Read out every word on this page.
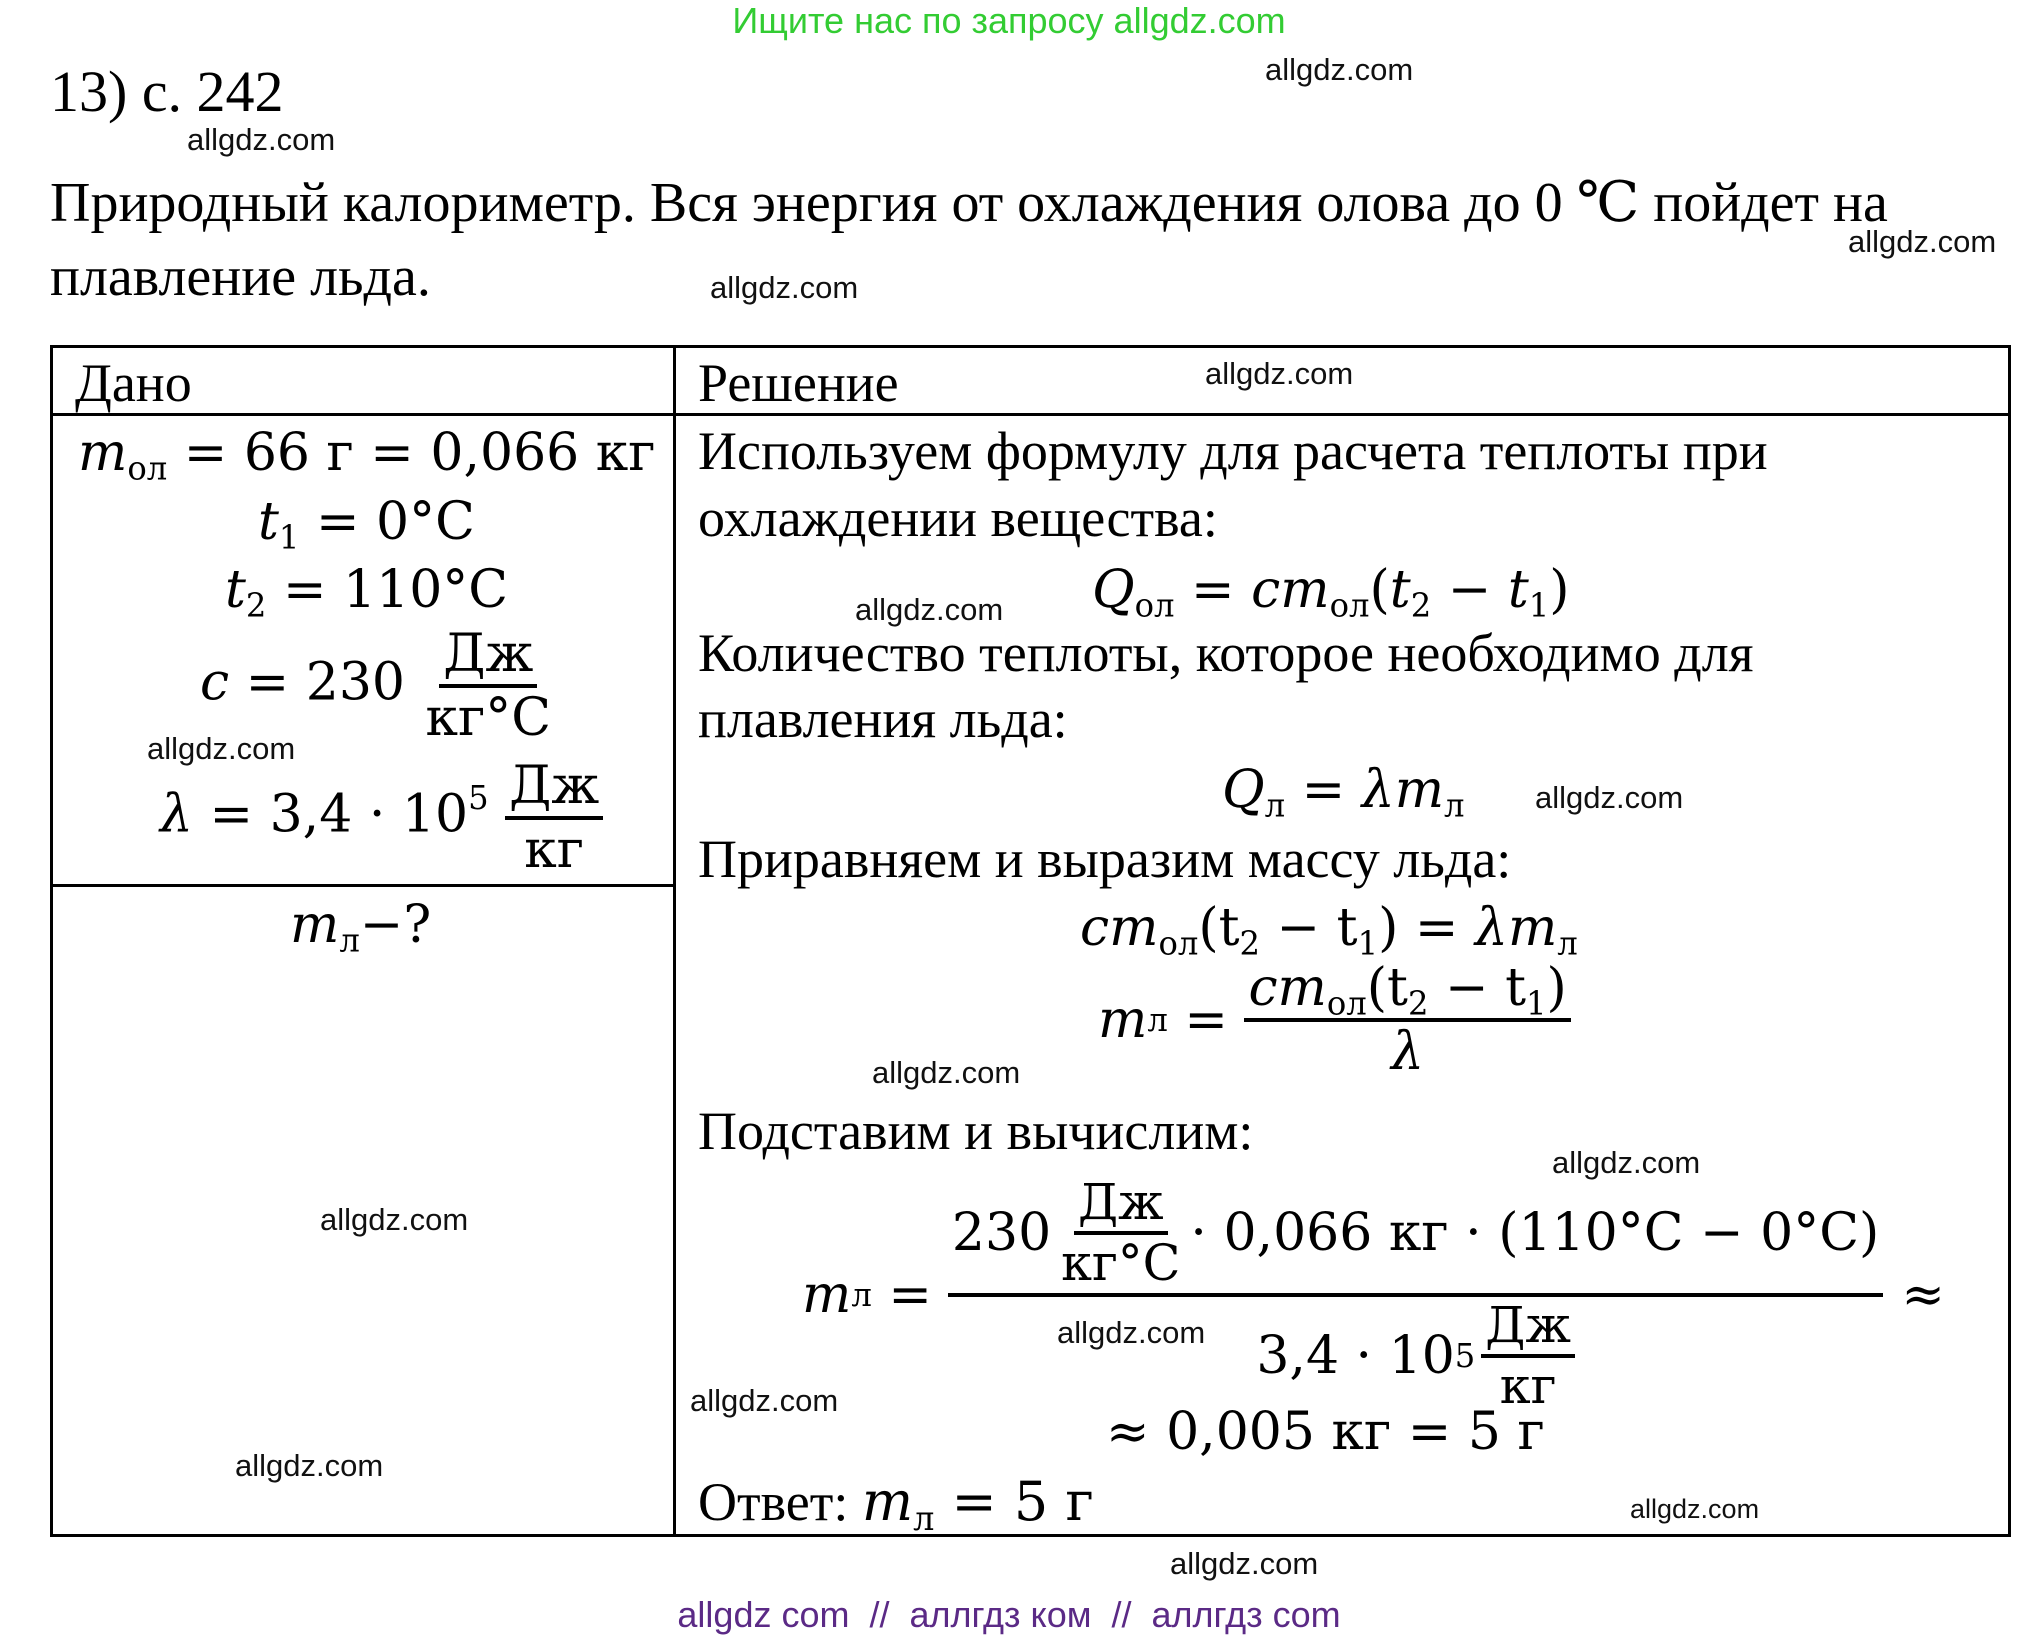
Ищите нас по запросу allgdz.com
13) с. 242
Природный калориметр. Вся энергия от охлаждения олова до 0 ℃ пойдет на
плавление льда.
Дано	Решение
$m_{ол} = 66$ г = 0,066 кг
$t_1 = 0^\circ C$
$t_2 = 110^\circ C$
$c = 230 \frac{Дж}{кг^\circ C}$
$\lambda = 3,4 \cdot 10^5 \frac{Дж}{кг}$
$m_л-$?
Используем формулу для расчета теплоты при
охлаждении вещества:
$Q_{ол} = cm_{ол}(t_2 - t_1)$
Количество теплоты, которое необходимо для
плавления льда:
$Q_л = \lambda m_л$
Приравняем и выразим массу льда:
$cm_{ол}(t_2 - t_1) = \lambda m_л$
m $л = \frac{cm_{ол}(t_2 - t_1)}{\lambda}$
Подставим и вычислим:
m $л = \frac{230 \frac{Дж}{кг^\circ C} \cdot 0,066 кг \cdot (110^\circ C - 0^\circ C)}{3,4 \cdot 10 5 \frac{Дж}{кг}}$ ≈
≈ 0,005 кг = 5 г
Ответ: $m_л = 5$ г
allgdz.com
allgdz.com
allgdz.com
allgdz.com
allgdz.com
allgdz.com
allgdz.com
allgdz.com
allgdz.com
allgdz.com
allgdz.com
allgdz.com
allgdz.com
allgdz.com
allgdz.com
allgdz.com
allgdz com  //  аллгдз ком  //  аллгдз com
